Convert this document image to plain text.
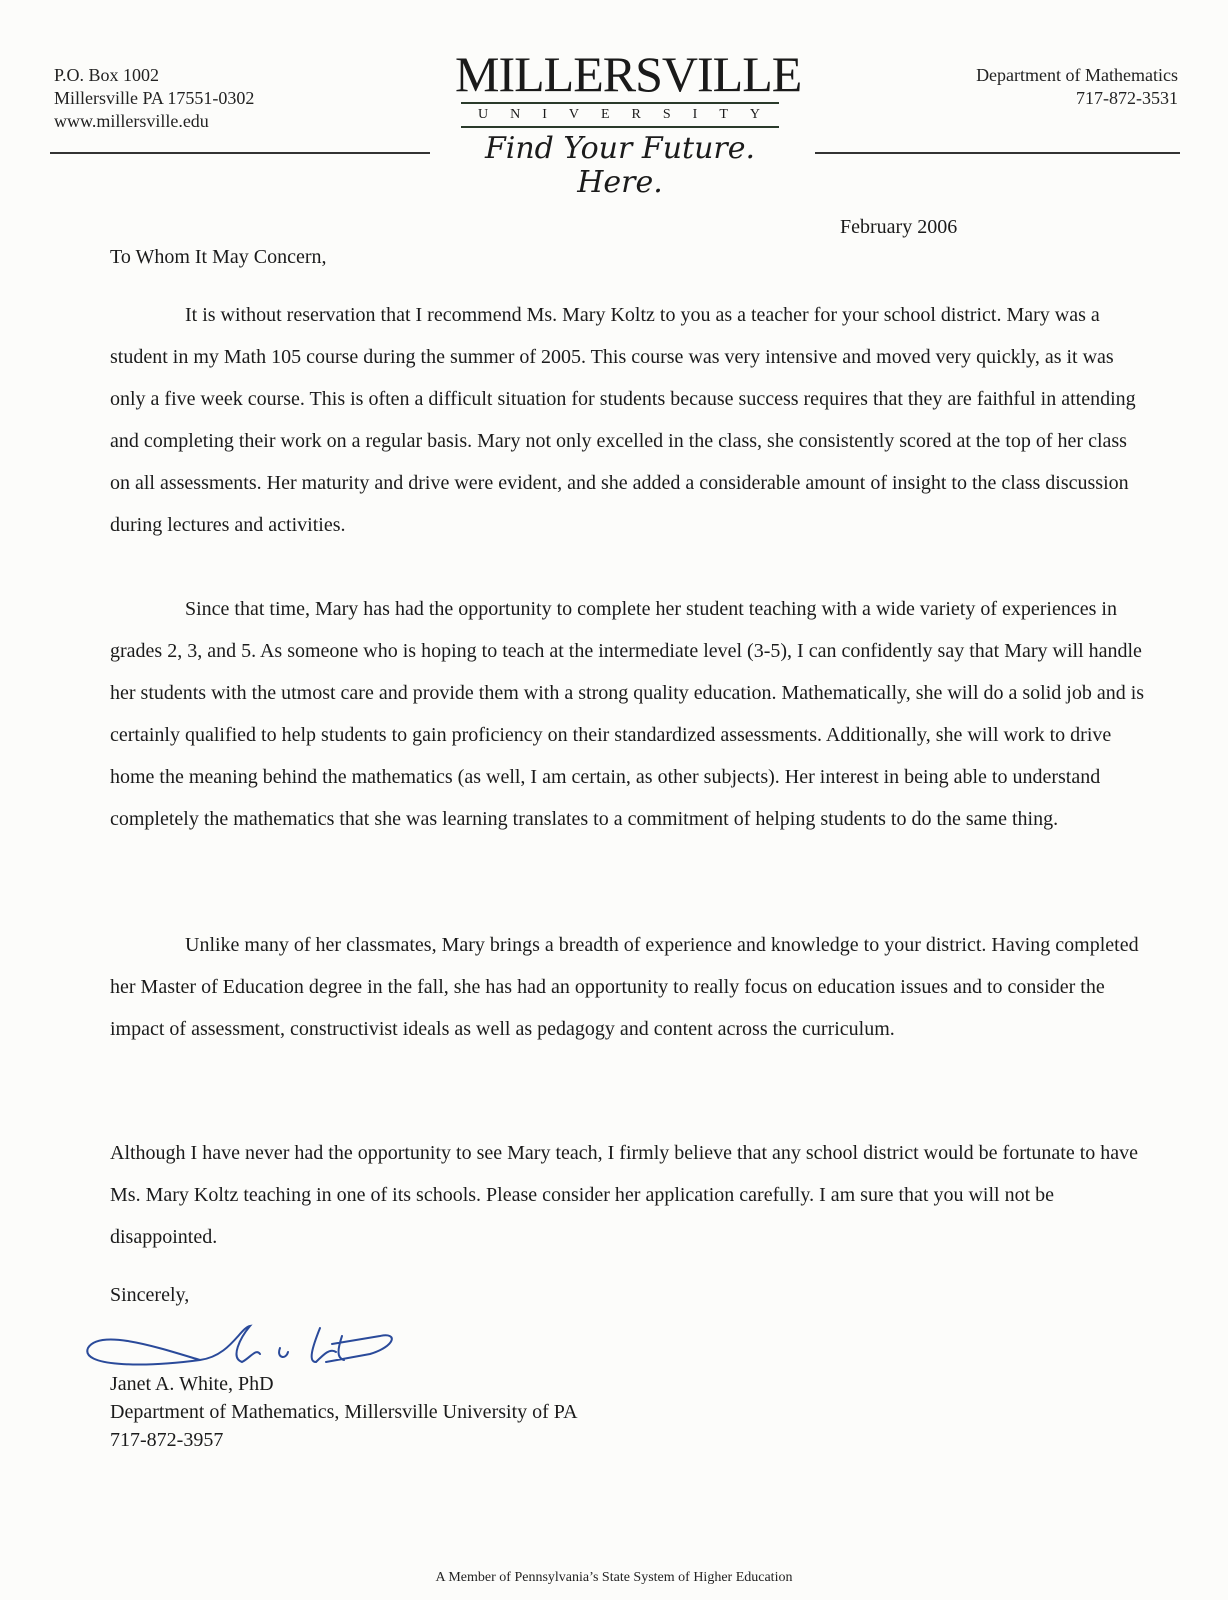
P.O. Box 1002
Millersville PA 17551-0302
www.millersville.edu
MILLERSVILLE
UNIVERSITY
Find Your Future. Here.
Department of Mathematics
717-872-3531
February 2006
To Whom It May Concern,

It is without reservation that I recommend Ms. Mary Koltz to you as a teacher for your school district. Mary was a student in my Math 105 course during the summer of 2005. This course was very intensive and moved very quickly, as it was only a five week course. This is often a difficult situation for students because success requires that they are faithful in attending and completing their work on a regular basis. Mary not only excelled in the class, she consistently scored at the top of her class on all assessments. Her maturity and drive were evident, and she added a considerable amount of insight to the class discussion during lectures and activities.

Since that time, Mary has had the opportunity to complete her student teaching with a wide variety of experiences in grades 2, 3, and 5. As someone who is hoping to teach at the intermediate level (3-5), I can confidently say that Mary will handle her students with the utmost care and provide them with a strong quality education. Mathematically, she will do a solid job and is certainly qualified to help students to gain proficiency on their standardized assessments. Additionally, she will work to drive home the meaning behind the mathematics (as well, I am certain, as other subjects). Her interest in being able to understand completely the mathematics that she was learning translates to a commitment of helping students to do the same thing.

Unlike many of her classmates, Mary brings a breadth of experience and knowledge to your district. Having completed her Master of Education degree in the fall, she has had an opportunity to really focus on education issues and to consider the impact of assessment, constructivist ideals as well as pedagogy and content across the curriculum.

Although I have never had the opportunity to see Mary teach, I firmly believe that any school district would be fortunate to have Ms. Mary Koltz teaching in one of its schools. Please consider her application carefully. I am sure that you will not be disappointed.

Sincerely,
Janet A. White, PhD
Department of Mathematics, Millersville University of PA
717-872-3957
A Member of Pennsylvania’s State System of Higher Education
